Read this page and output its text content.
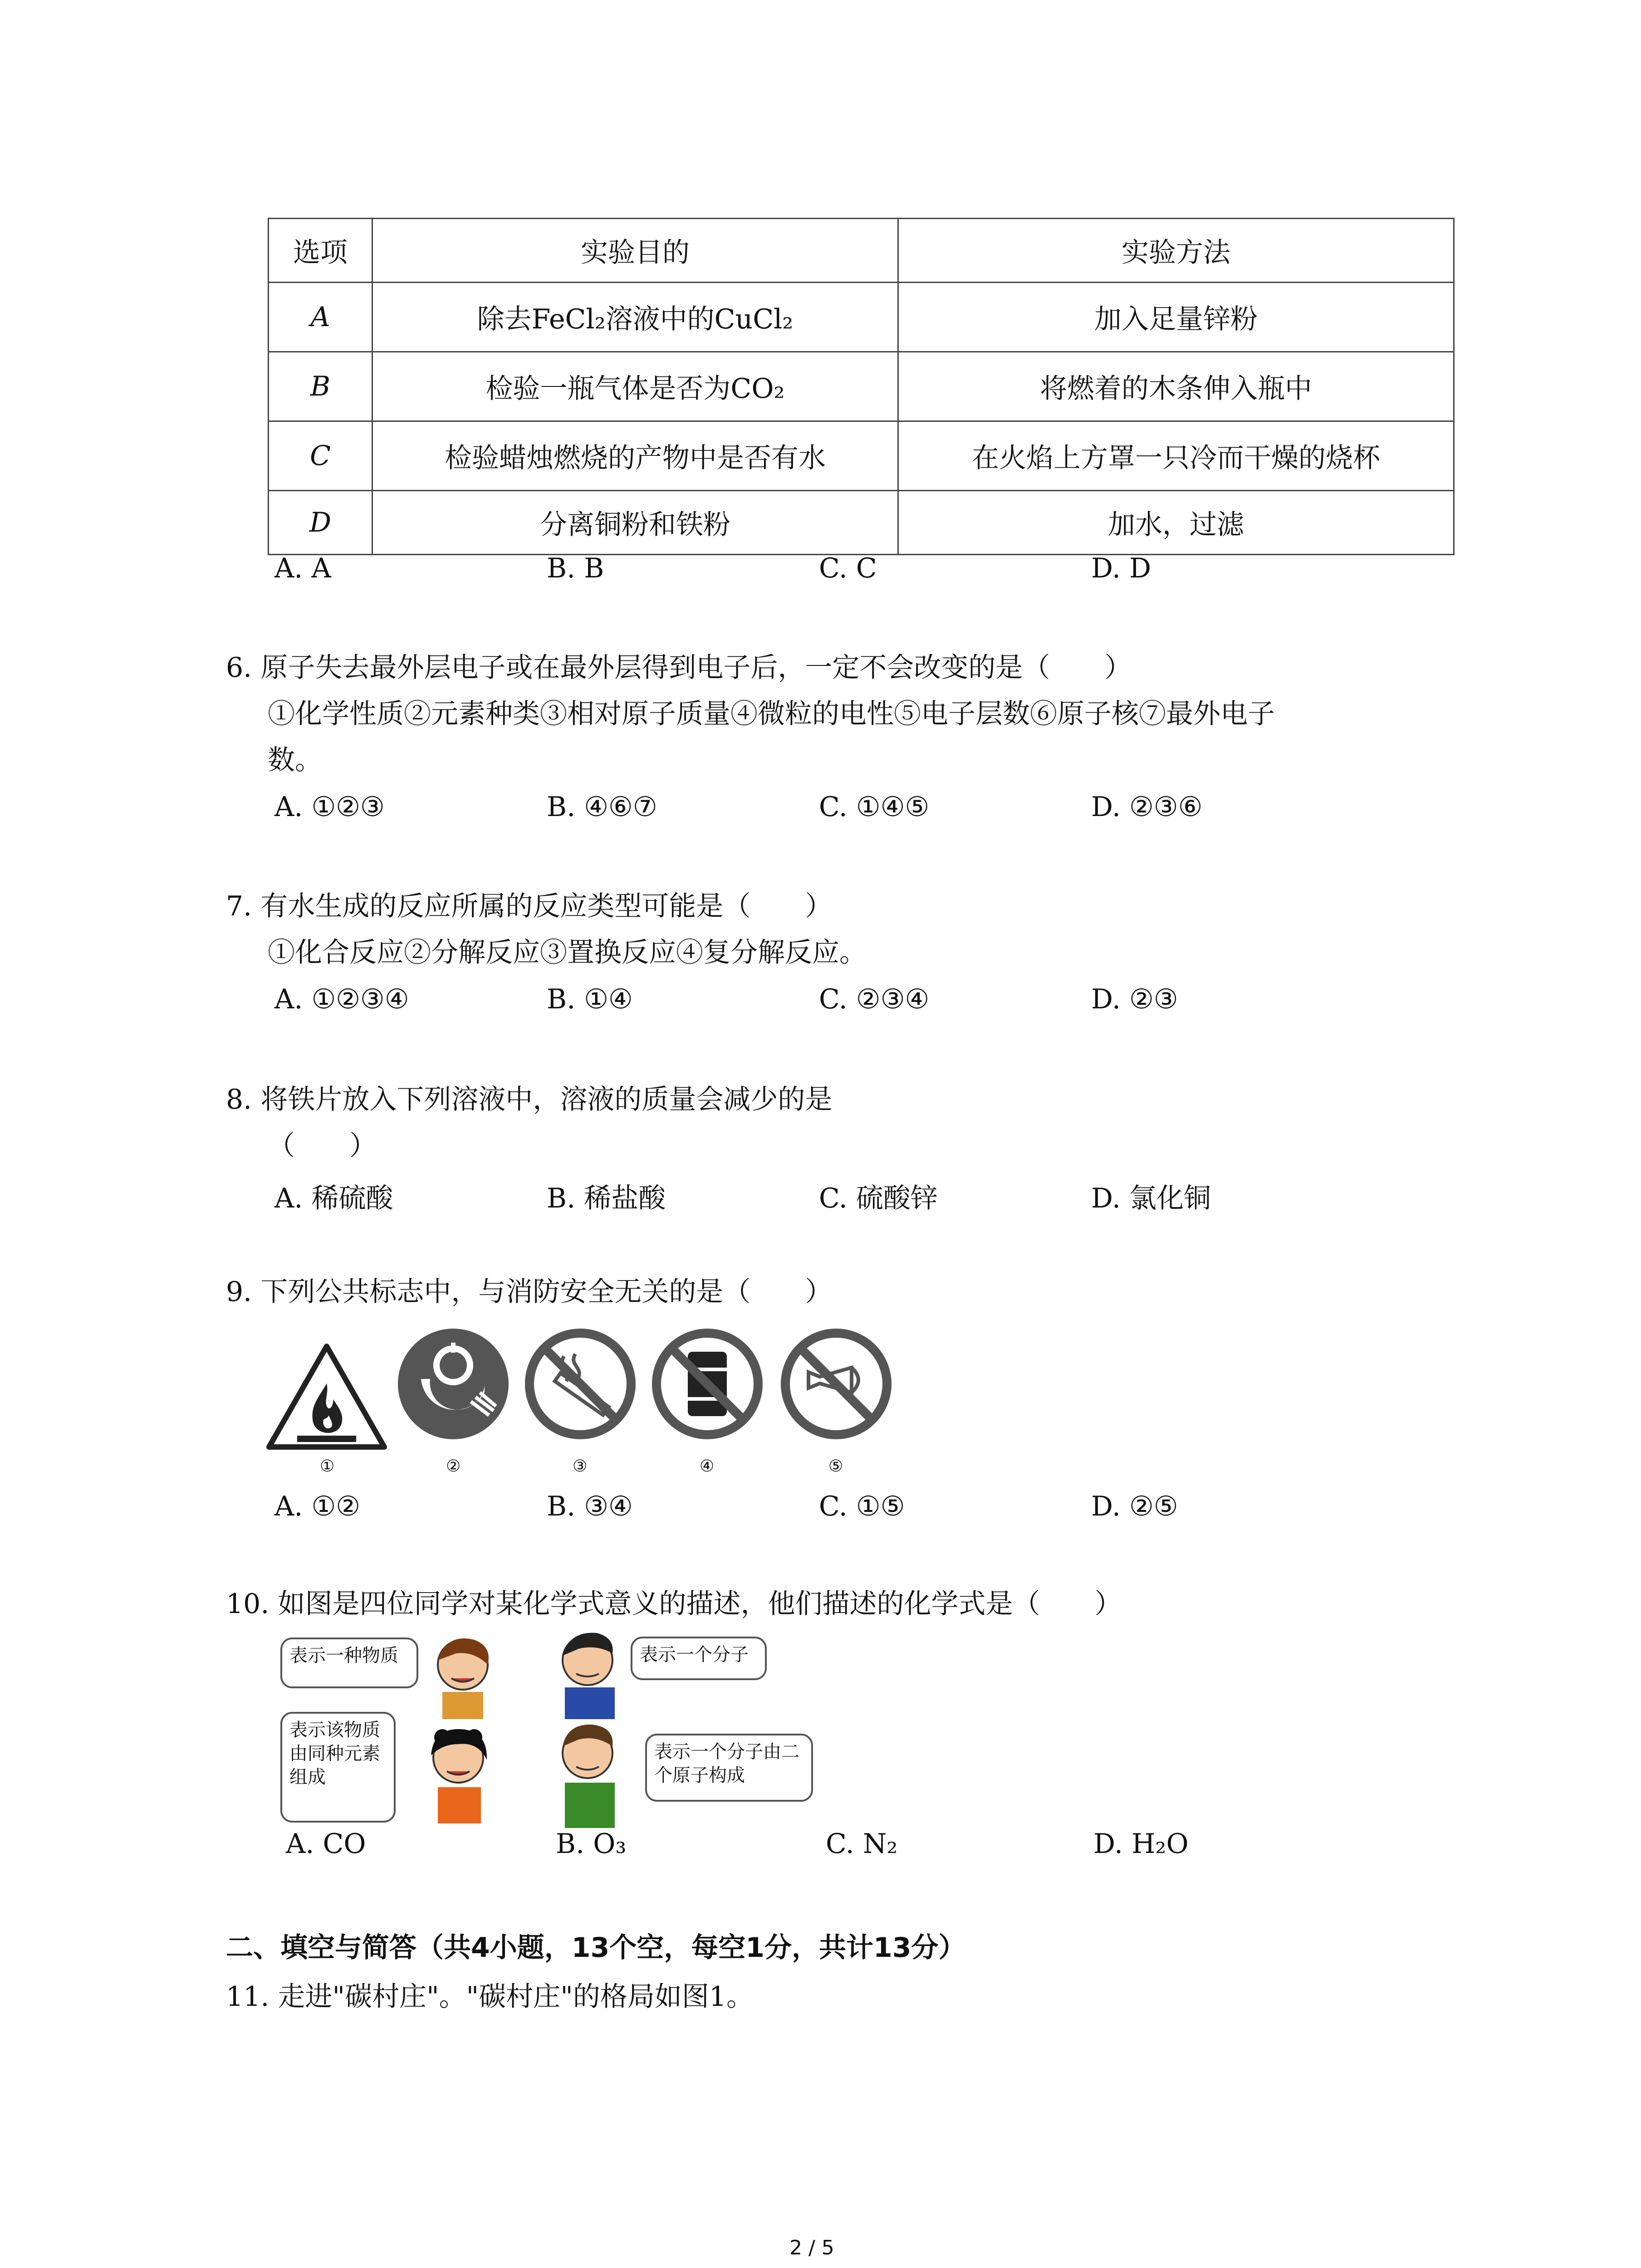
选项	实验目的	实验方法
A	除去FeCl₂溶液中的CuCl₂	加入足量锌粉
B	检验一瓶气体是否为CO₂	将燃着的木条伸入瓶中
C	检验蜡烛燃烧的产物中是否有水	在火焰上方罩一只冷而干燥的烧杯
D	分离铜粉和铁粉	加水，过滤
A. A	B. B	C. C	D. D
6. 原子失去最外层电子或在最外层得到电子后，一定不会改变的是（　　）
①化学性质②元素种类③相对原子质量④微粒的电性⑤电子层数⑥原子核⑦最外电子
数。
A. ①②③	B. ④⑥⑦	C. ①④⑤	D. ②③⑥
7. 有水生成的反应所属的反应类型可能是（　　）
①化合反应②分解反应③置换反应④复分解反应。
A. ①②③④	B. ①④	C. ②③④	D. ②③
8. 将铁片放入下列溶液中，溶液的质量会减少的是
（　　）
A. 稀硫酸	B. 稀盐酸	C. 硫酸锌	D. 氯化铜
9. 下列公共标志中，与消防安全无关的是（　　）
①	②	③	④	⑤
A. ①②	B. ③④	C. ①⑤	D. ②⑤
10. 如图是四位同学对某化学式意义的描述，他们描述的化学式是（　　）
表示一种物质	表示一个分子
表示该物质由同种元素组成
表示一个分子由二个原子构成
A. CO	B. O₃	C. N₂	D. H₂O
二、填空与简答（共4小题，13个空，每空1分，共计13分）
11. 走进"碳村庄"。"碳村庄"的格局如图1。
2 / 5
